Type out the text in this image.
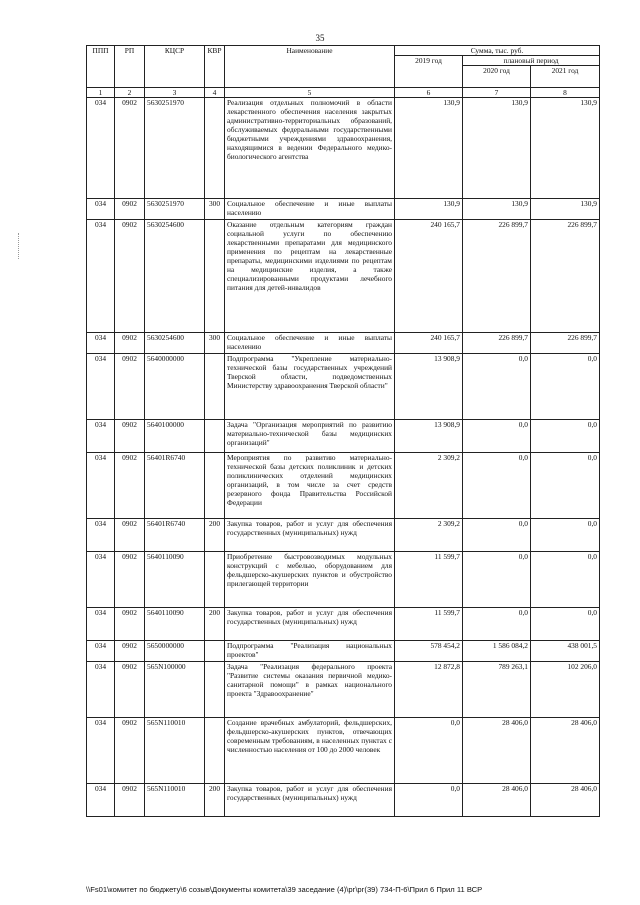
35
ППП	РП	КЦСР	КВР	Наименование	Сумма, тыс. руб.		
					2019 год	плановый период	
						2020 год	2021 год
1	2	3	4	5	6	7	8
034	0902	5630251970		Реализация отдельных полномочий в области лекарственного обеспечения населения закрытых административно-территориальных образований, обслуживаемых федеральными государственными бюджетными учреждениями здравоохранения, находящимися в ведении Федерального медико-биологического агентства	130,9	130,9	130,9
034	0902	5630251970	300	Социальное обеспечение и иные выплаты населению	130,9	130,9	130,9
034	0902	5630254600		Оказание отдельным категориям граждан социальной услуги по обеспечению лекарственными препаратами для медицинского применения по рецептам на лекарственные препараты, медицинскими изделиями по рецептам на медицинские изделия, а также специализированными продуктами лечебного питания для детей-инвалидов	240 165,7	226 899,7	226 899,7
034	0902	5630254600	300	Социальное обеспечение и иные выплаты населению	240 165,7	226 899,7	226 899,7
034	0902	5640000000		Подпрограмма "Укрепление материально-технической базы государственных учреждений Тверской области, подведомственных Министерству здравоохранения Тверской области"	13 908,9	0,0	0,0
034	0902	5640100000		Задача "Организация мероприятий по развитию материально-технической базы медицинских организаций"	13 908,9	0,0	0,0
034	0902	56401R6740		Мероприятия по развитию материально-технической базы детских поликлиник и детских поликлинических отделений медицинских организаций, в том числе за счет средств резервного фонда Правительства Российской Федерации	2 309,2	0,0	0,0
034	0902	56401R6740	200	Закупка товаров, работ и услуг для обеспечения государственных (муниципальных) нужд	2 309,2	0,0	0,0
034	0902	5640110090		Приобретение быстровозводимых модульных конструкций с мебелью, оборудованием для фельдшерско-акушерских пунктов и обустройство прилегающей территории	11 599,7	0,0	0,0
034	0902	5640110090	200	Закупка товаров, работ и услуг для обеспечения государственных (муниципальных) нужд	11 599,7	0,0	0,0
034	0902	5650000000		Подпрограмма "Реализация национальных проектов"	578 454,2	1 586 084,2	438 001,5
034	0902	565N100000		Задача "Реализация федерального проекта "Развитие системы оказания первичной медико-санитарной помощи" в рамках национального проекта "Здравоохранение"	12 872,8	789 263,1	102 206,0
034	0902	565N110010		Создание врачебных амбулаторий, фельдшерских, фельдшерско-акушерских пунктов, отвечающих современным требованиям, в населенных пунктах с численностью населения от 100 до 2000 человек	0,0	28 406,0	28 406,0
034	0902	565N110010	200	Закупка товаров, работ и услуг для обеспечения государственных (муниципальных) нужд	0,0	28 406,0	28 406,0
\\Fs01\комитет по бюджету\6 созыв\Документы комитета\39 заседание (4)\рг\рг(39) 734-П-6\Прил 6 Прил 11 ВСР
